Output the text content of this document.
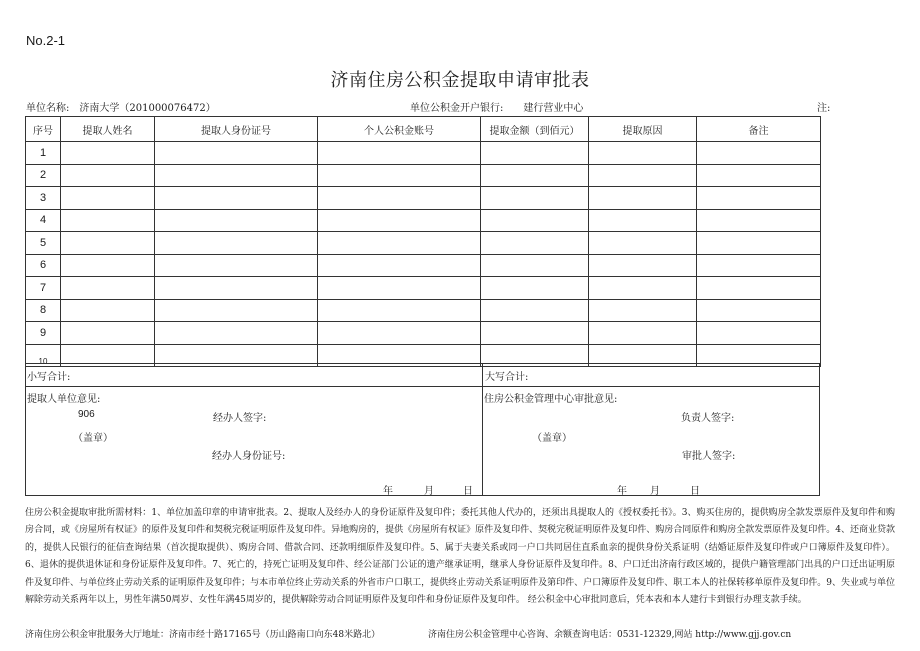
No.2-1
济南住房公积金提取申请审批表
单位名称: 济南大学（201000076472）	单位公积金开户银行: 建行营业中心	注:
序号	提取人姓名	提取人身份证号	个人公积金账号	提取金额（到佰元）	提取原因	备注
1						
2						
3						
4						
5						
6						
7						
8						
9						
10						
小写合计:	大写合计:
提取人单位意见:
906	经办人签字:
（盖章）
经办人身份证号:
年	月	日
住房公积金管理中心审批意见:
负责人签字:
（盖章）
审批人签字:
年 月	日
住房公积金提取审批所需材料：1、单位加盖印章的申请审批表。2、提取人及经办人的身份证原件及复印件；委托其他人代办的，还须出具提取人的《授权委托书》。3、购买住房的，提供购房全款发票原件及复印件和购房合同，或《房屋所有权证》的原件及复印件和契税完税证明原件及复印件。异地购房的，提供《房屋所有权证》原件及复印件、契税完税证明原件及复印件、购房合同原件和购房全款发票原件及复印件。4、还商业贷款的，提供人民银行的征信查询结果（首次提取提供）、购房合同、借款合同、还款明细原件及复印件。5、属于夫妻关系或同一户口共同居住直系血亲的提供身份关系证明（结婚证原件及复印件或户口簿原件及复印件）。6、退休的提供退休证和身份证原件及复印件。7、死亡的，持死亡证明及复印件、经公证部门公证的遗产继承证明，继承人身份证原件及复印件。8、户口迁出济南行政区域的，提供户籍管理部门出具的户口迁出证明原件及复印件、与单位终止劳动关系的证明原件及复印件；与本市单位终止劳动关系的外省市户口职工，提供终止劳动关系证明原件及第印件、户口簿原件及复印件、职工本人的社保转移单原件及复印件。9、失业或与单位解除劳动关系两年以上，男性年满50周岁、女性年满45周岁的，提供解除劳动合同证明原件及复印件和身份证原件及复印件。 经公积金中心审批同意后，凭本表和本人建行卡到银行办理支款手续。
济南住房公积金审批服务大厅地址：济南市经十路17165号（历山路南口向东48米路北）	济南住房公积金管理中心咨询、余额查询电话：0531-12329,网站 http://www.gjj.gov.cn
